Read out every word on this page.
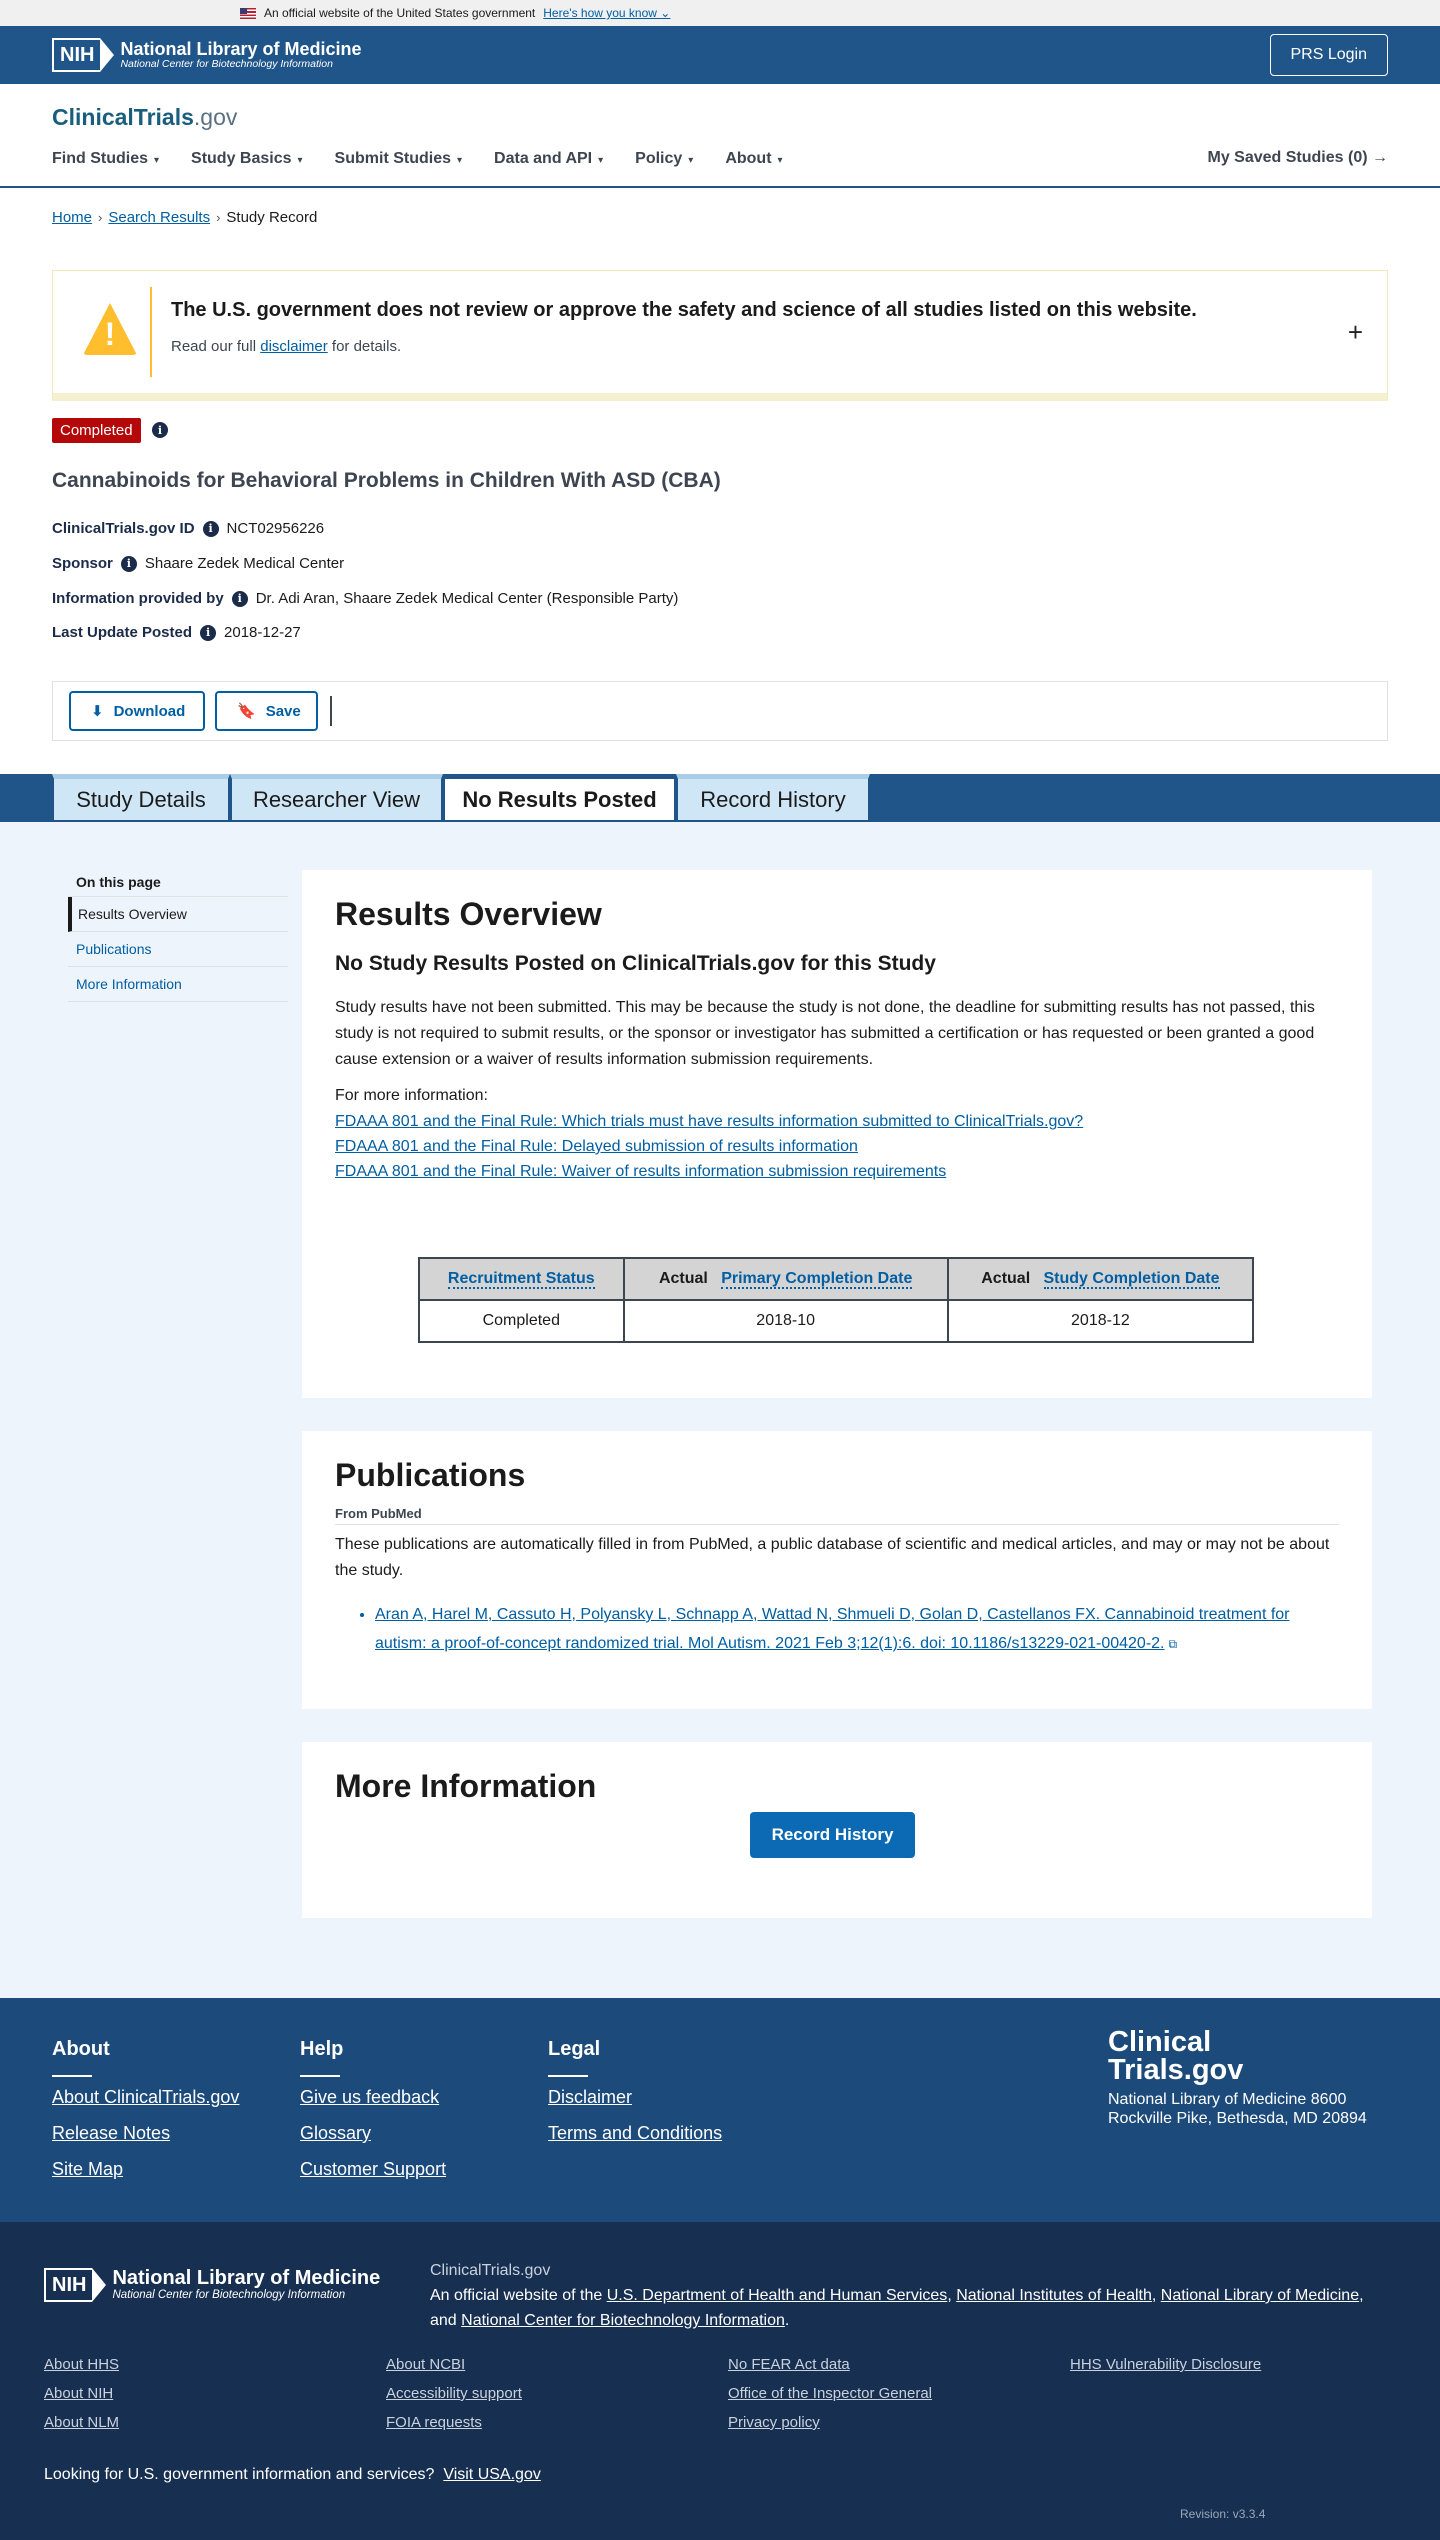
An official website of the United States government Here's how you know ⌄
NIH	National Library of Medicine
National Center for Biotechnology Information
PRS Login
ClinicalTrials.gov
Find Studies ▾ Study Basics ▾ Submit Studies ▾ Data and API ▾ Policy ▾ About ▾	My Saved Studies (0) →
Home › Search Results › Study Record
!
The U.S. government does not review or approve the safety and science of all studies listed on this website.
Read our full disclaimer for details.	+
Completed	i
Cannabinoids for Behavioral Problems in Children With ASD (CBA)
ClinicalTrials.gov ID	i NCT02956226
Sponsor	i Shaare Zedek Medical Center
Information provided by	i Dr. Adi Aran, Shaare Zedek Medical Center (Responsible Party)
Last Update Posted	i 2018-12-27
⬇ Download	🔖 Save
Study Details	Researcher View	No Results Posted	Record History
On this page
Results Overview
Publications
More Information
Results Overview
No Study Results Posted on ClinicalTrials.gov for this Study

Study results have not been submitted. This may be because the study is not done, the deadline for submitting results has not passed, this study is not required to submit results, or the sponsor or investigator has submitted a certification or has requested or been granted a good cause extension or a waiver of results information submission requirements.

For more information:

FDAAA 801 and the Final Rule: Which trials must have results information submitted to ClinicalTrials.gov?
FDAAA 801 and the Final Rule: Delayed submission of results information
FDAAA 801 and the Final Rule: Waiver of results information submission requirements
Recruitment Status	Actual Primary Completion Date	Actual Study Completion Date
Completed	2018-10	2018-12
Publications
From PubMed

These publications are automatically filled in from PubMed, a public database of scientific and medical articles, and may or may not be about the study.

• Aran A, Harel M, Cassuto H, Polyansky L, Schnapp A, Wattad N, Shmueli D, Golan D, Castellanos FX. Cannabinoid treatment for autism: a proof-of-concept randomized trial. Mol Autism. 2021 Feb 3;12(1):6. doi: 10.1186/s13229-021-00420-2. ⧉
More Information
Record History
About
About ClinicalTrials.gov
Release Notes
Site Map
Help
Give us feedback
Glossary
Customer Support
Legal
Disclaimer
Terms and Conditions
Clinical
Trials.gov
National Library of Medicine 8600 Rockville Pike, Bethesda, MD 20894
NIH	National Library of Medicine
National Center for Biotechnology Information
ClinicalTrials.gov
An official website of the U.S. Department of Health and Human Services, National Institutes of Health, National Library of Medicine, and National Center for Biotechnology Information.
About HHS
About NIH
About NLM
About NCBI
Accessibility support
FOIA requests
No FEAR Act data
Office of the Inspector General
Privacy policy
HHS Vulnerability Disclosure
Looking for U.S. government information and services? Visit USA.gov
Revision: v3.3.4
